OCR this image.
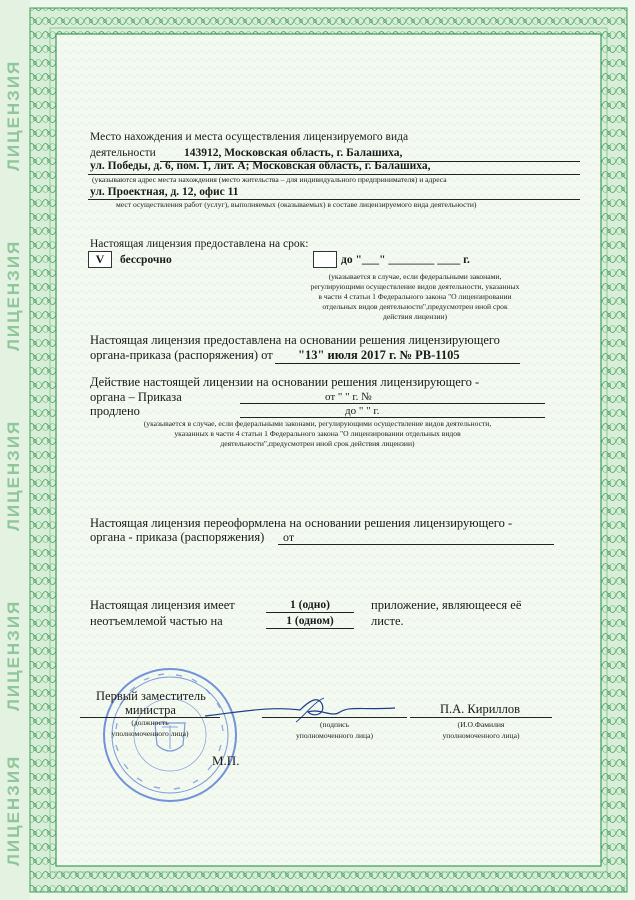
ЛИЦЕНЗИЯ
ЛИЦЕНЗИЯ
ЛИЦЕНЗИЯ
ЛИЦЕНЗИЯ
ЛИЦЕНЗИЯ
Место нахождения и места осуществления лицензируемого вида
деятельности 143912, Московская область, г. Балашиха,
ул. Победы, д. 6, пом. 1, лит. А; Московская область, г. Балашиха,
(указываются адрес места нахождения (место жительства – для индивидуального предпринимателя) и адреса
ул. Проектная, д. 12, офис 11
мест осуществления работ (услуг), выполняемых (оказываемых) в составе лицензируемого вида деятельности)
Настоящая лицензия предоставлена на срок:
V	бессрочно	до "___" ________ ____ г.
(указывается в случае, если федеральными законами,
регулирующими осуществление видов деятельности, указанных
в части 4 статьи 1 Федерального закона "О лицензировании
отдельных видов деятельности",предусмотрен иной срок
действия лицензии)
Настоящая лицензия предоставлена на основании решения лицензирующего
органа-приказа (распоряжения) от "13" июля 2017 г. № РВ-1105
Действие настоящей лицензии на основании решения лицензирующего -
органа – Приказа	от " " г. №
продлено	до " " г.
(указывается в случае, если федеральными законами, регулирующими осуществление видов деятельности,
указанных в части 4 статьи 1 Федерального закона "О лицензировании отдельных видов
деятельности",предусмотрен иной срок действия лицензии)
Настоящая лицензия переоформлена на основании решения лицензирующего -
органа - приказа (распоряжения) от
Настоящая лицензия имеет	1 (одно)	приложение, являющееся её
неотъемлемой частью на	1 (одном)	листе.
Первый заместитель
министра
(должность
уполномоченного лица)
(подпись
уполномоченного лица)
П.А. Кириллов
(И.О.Фамилия
уполномоченного лица)
М.П.
